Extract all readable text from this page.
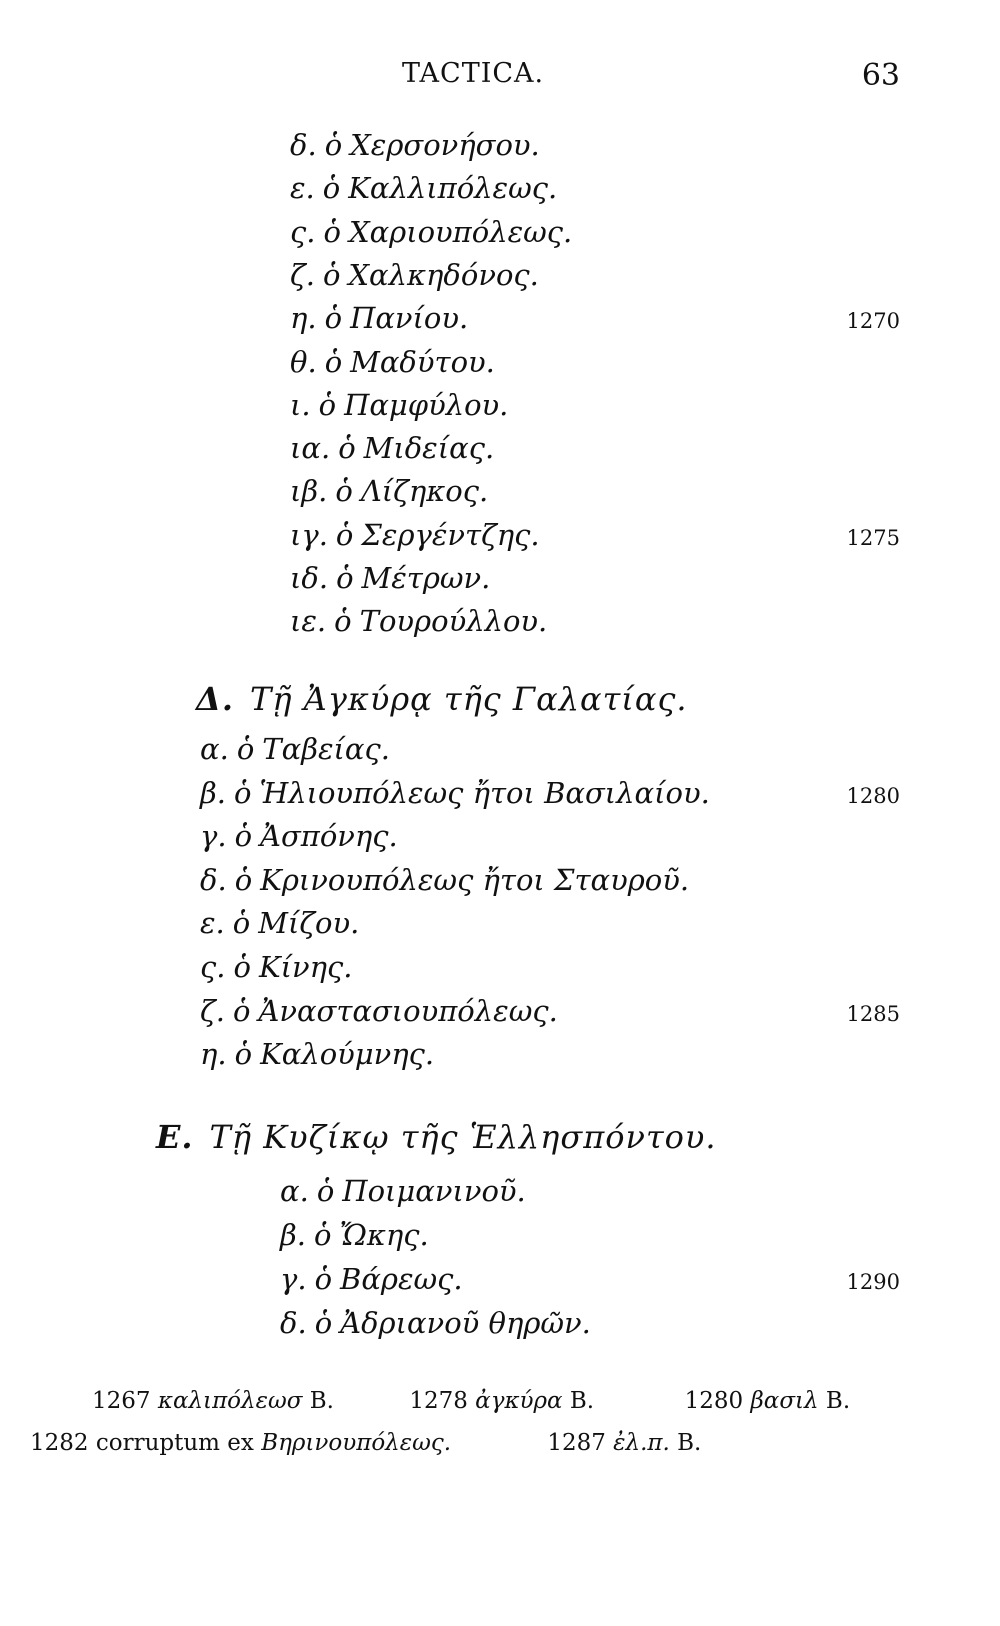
TACTICA.	63
δ. ὁ Χερσονήσου.
ε. ὁ Καλλιπόλεως.
ς. ὁ Χαριουπόλεως.
ζ. ὁ Χαλκηδόνος.
η. ὁ Πανίου.	1270
θ. ὁ Μαδύτου.
ι. ὁ Παμφύλου.
ια. ὁ Μιδείας.
ιβ. ὁ Λίζηκος.
ιγ. ὁ Σεργέντζης.	1275
ιδ. ὁ Μέτρων.
ιε. ὁ Τουρούλλου.
Δ. Τῇ Ἀγκύρᾳ τῆς Γαλατίας.
α. ὁ Ταβείας.
β. ὁ Ἡλιουπόλεως ἤτοι Βασιλαίου.	1280
γ. ὁ Ἀσπόνης.
δ. ὁ Κρινουπόλεως ἤτοι Σταυροῦ.
ε. ὁ Μίζου.
ς. ὁ Κίνης.
ζ. ὁ Ἀναστασιουπόλεως.	1285
η. ὁ Καλούμνης.
Ε. Τῇ Κυζίκῳ τῆς Ἑλλησπόντου.
α. ὁ Ποιμανινοῦ.
β. ὁ Ὤκης.
γ. ὁ Βάρεως.	1290
δ. ὁ Ἀδριανοῦ θηρῶν.
1267 καλιπόλεωσ B.	1278 ἀγκύρα B.	1280 βασιλ B.
1282 corruptum ex Βηρινουπόλεως.	1287 ἐλ.π. B.
